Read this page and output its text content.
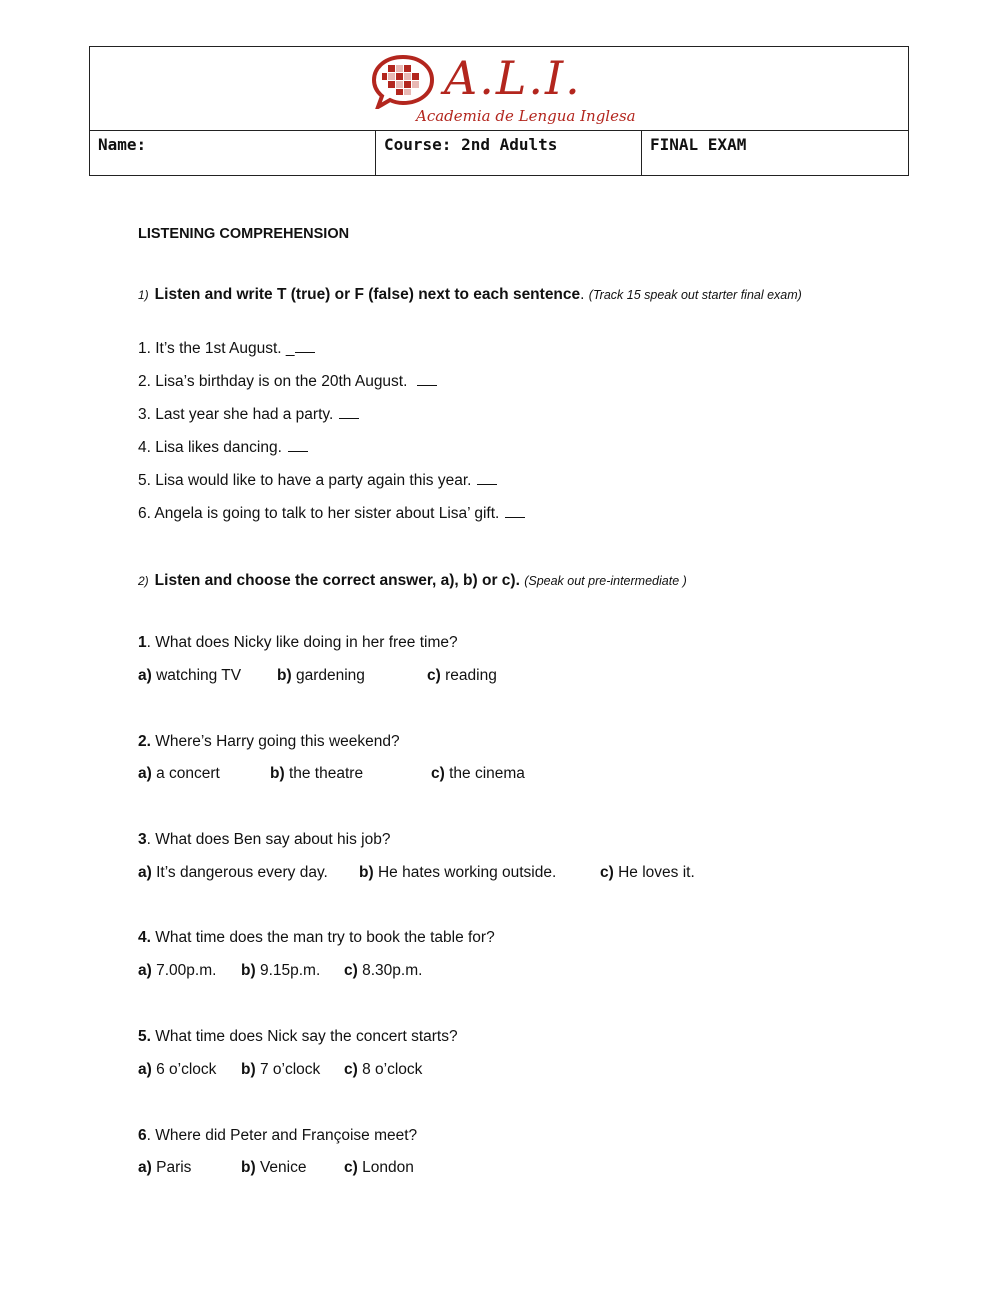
A.L.I.
Academia de Lengua Inglesa
Name:	Course: 2nd Adults	FINAL EXAM
LISTENING COMPREHENSION
1) Listen and write T (true) or F (false) next to each sentence. (Track 15 speak out starter final exam)
1. It’s the 1st August. _
2. Lisa’s birthday is on the 20th August.
3. Last year she had a party.
4. Lisa likes dancing.
5. Lisa would like to have a party again this year.
6. Angela is going to talk to her sister about Lisa’ gift.
2) Listen and choose the correct answer, a), b) or c). (Speak out pre-intermediate )
1. What does Nicky like doing in her free time?
a) watching TV b) gardening	c) reading
2. Where’s Harry going this weekend?
a) a concert	b) the theatre	c) the cinema
3. What does Ben say about his job?
a) It’s dangerous every day. b) He hates working outside.	c) He loves it.
4. What time does the man try to book the table for?
a) 7.00p.m. b) 9.15p.m. c) 8.30p.m.
5. What time does Nick say the concert starts?
a) 6 o’clock b) 7 o’clock c) 8 o’clock
6. Where did Peter and Françoise meet?
a) Paris	b) Venice c) London
